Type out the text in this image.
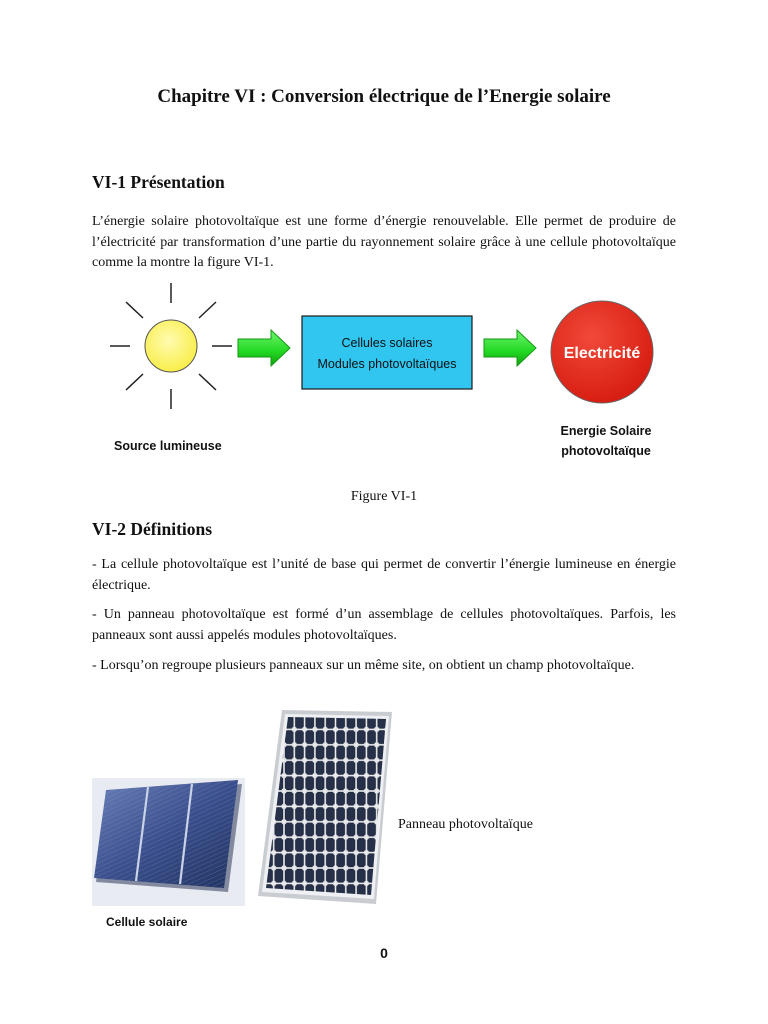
Chapitre VI : Conversion électrique de l’Energie solaire
VI-1 Présentation

L’énergie solaire photovoltaïque est une forme d’énergie renouvelable. Elle permet de produire de l’électricité par transformation d’une partie du rayonnement solaire grâce à une cellule photovoltaïque comme la montre la figure VI-1.

Cellules solaires
Modules photovoltaïques
Electricité
Source lumineuse
Energie Solaire
photovoltaïque
Figure VI-1
VI-2 Définitions

- La cellule photovoltaïque est l’unité de base qui permet de convertir l’énergie lumineuse en énergie électrique.

- Un panneau photovoltaïque est formé d’un assemblage de cellules photovoltaïques. Parfois, les panneaux sont aussi appelés modules photovoltaïques.

- Lorsqu’on regroupe plusieurs panneaux sur un même site, on obtient un champ photovoltaïque.

Panneau photovoltaïque
Cellule solaire
0
